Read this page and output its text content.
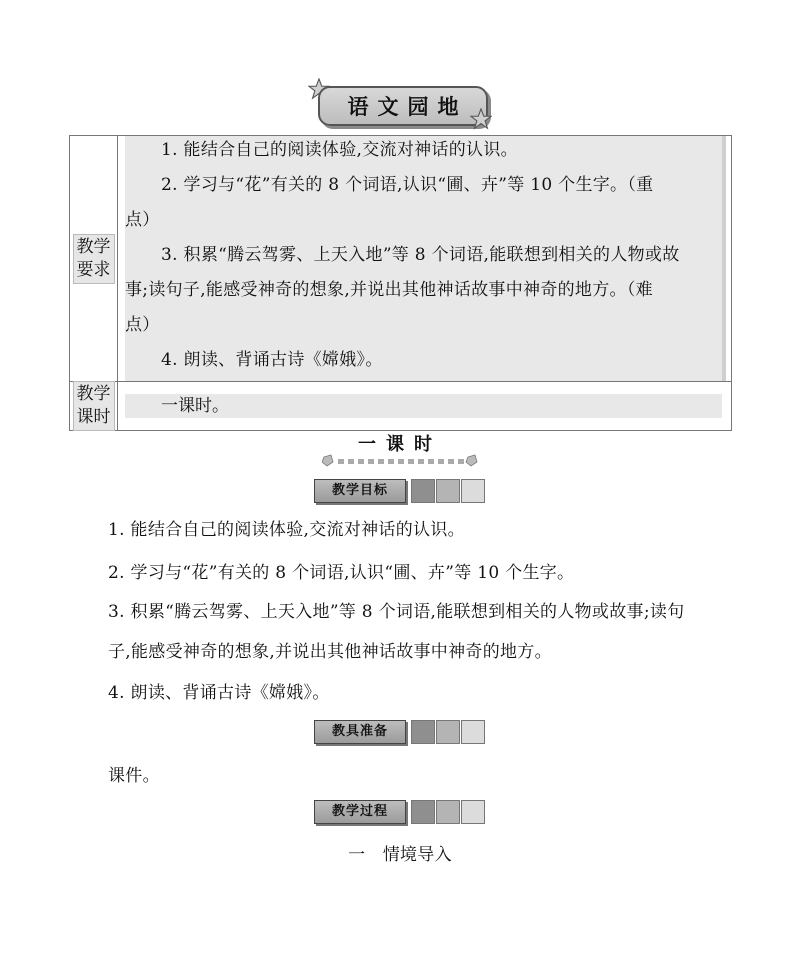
语文园地
教学要求

1. 能结合自己的阅读体验,交流对神话的认识。

2. 学习与“花”有关的 8 个词语,认识“圃、卉”等 10 个生字。（重

点）

3. 积累“腾云驾雾、上天入地”等 8 个词语,能联想到相关的人物或故

事;读句子,能感受神奇的想象,并说出其他神话故事中神奇的地方。（难

点）

4. 朗读、背诵古诗《嫦娥》。

教学课时

一课时。

一课时
教学目标

1. 能结合自己的阅读体验,交流对神话的认识。

2. 学习与“花”有关的 8 个词语,认识“圃、卉”等 10 个生字。

3. 积累“腾云驾雾、上天入地”等 8 个词语,能联想到相关的人物或故事;读句

子,能感受神奇的想象,并说出其他神话故事中神奇的地方。

4. 朗读、背诵古诗《嫦娥》。

教具准备

课件。

教学过程

一　情境导入
